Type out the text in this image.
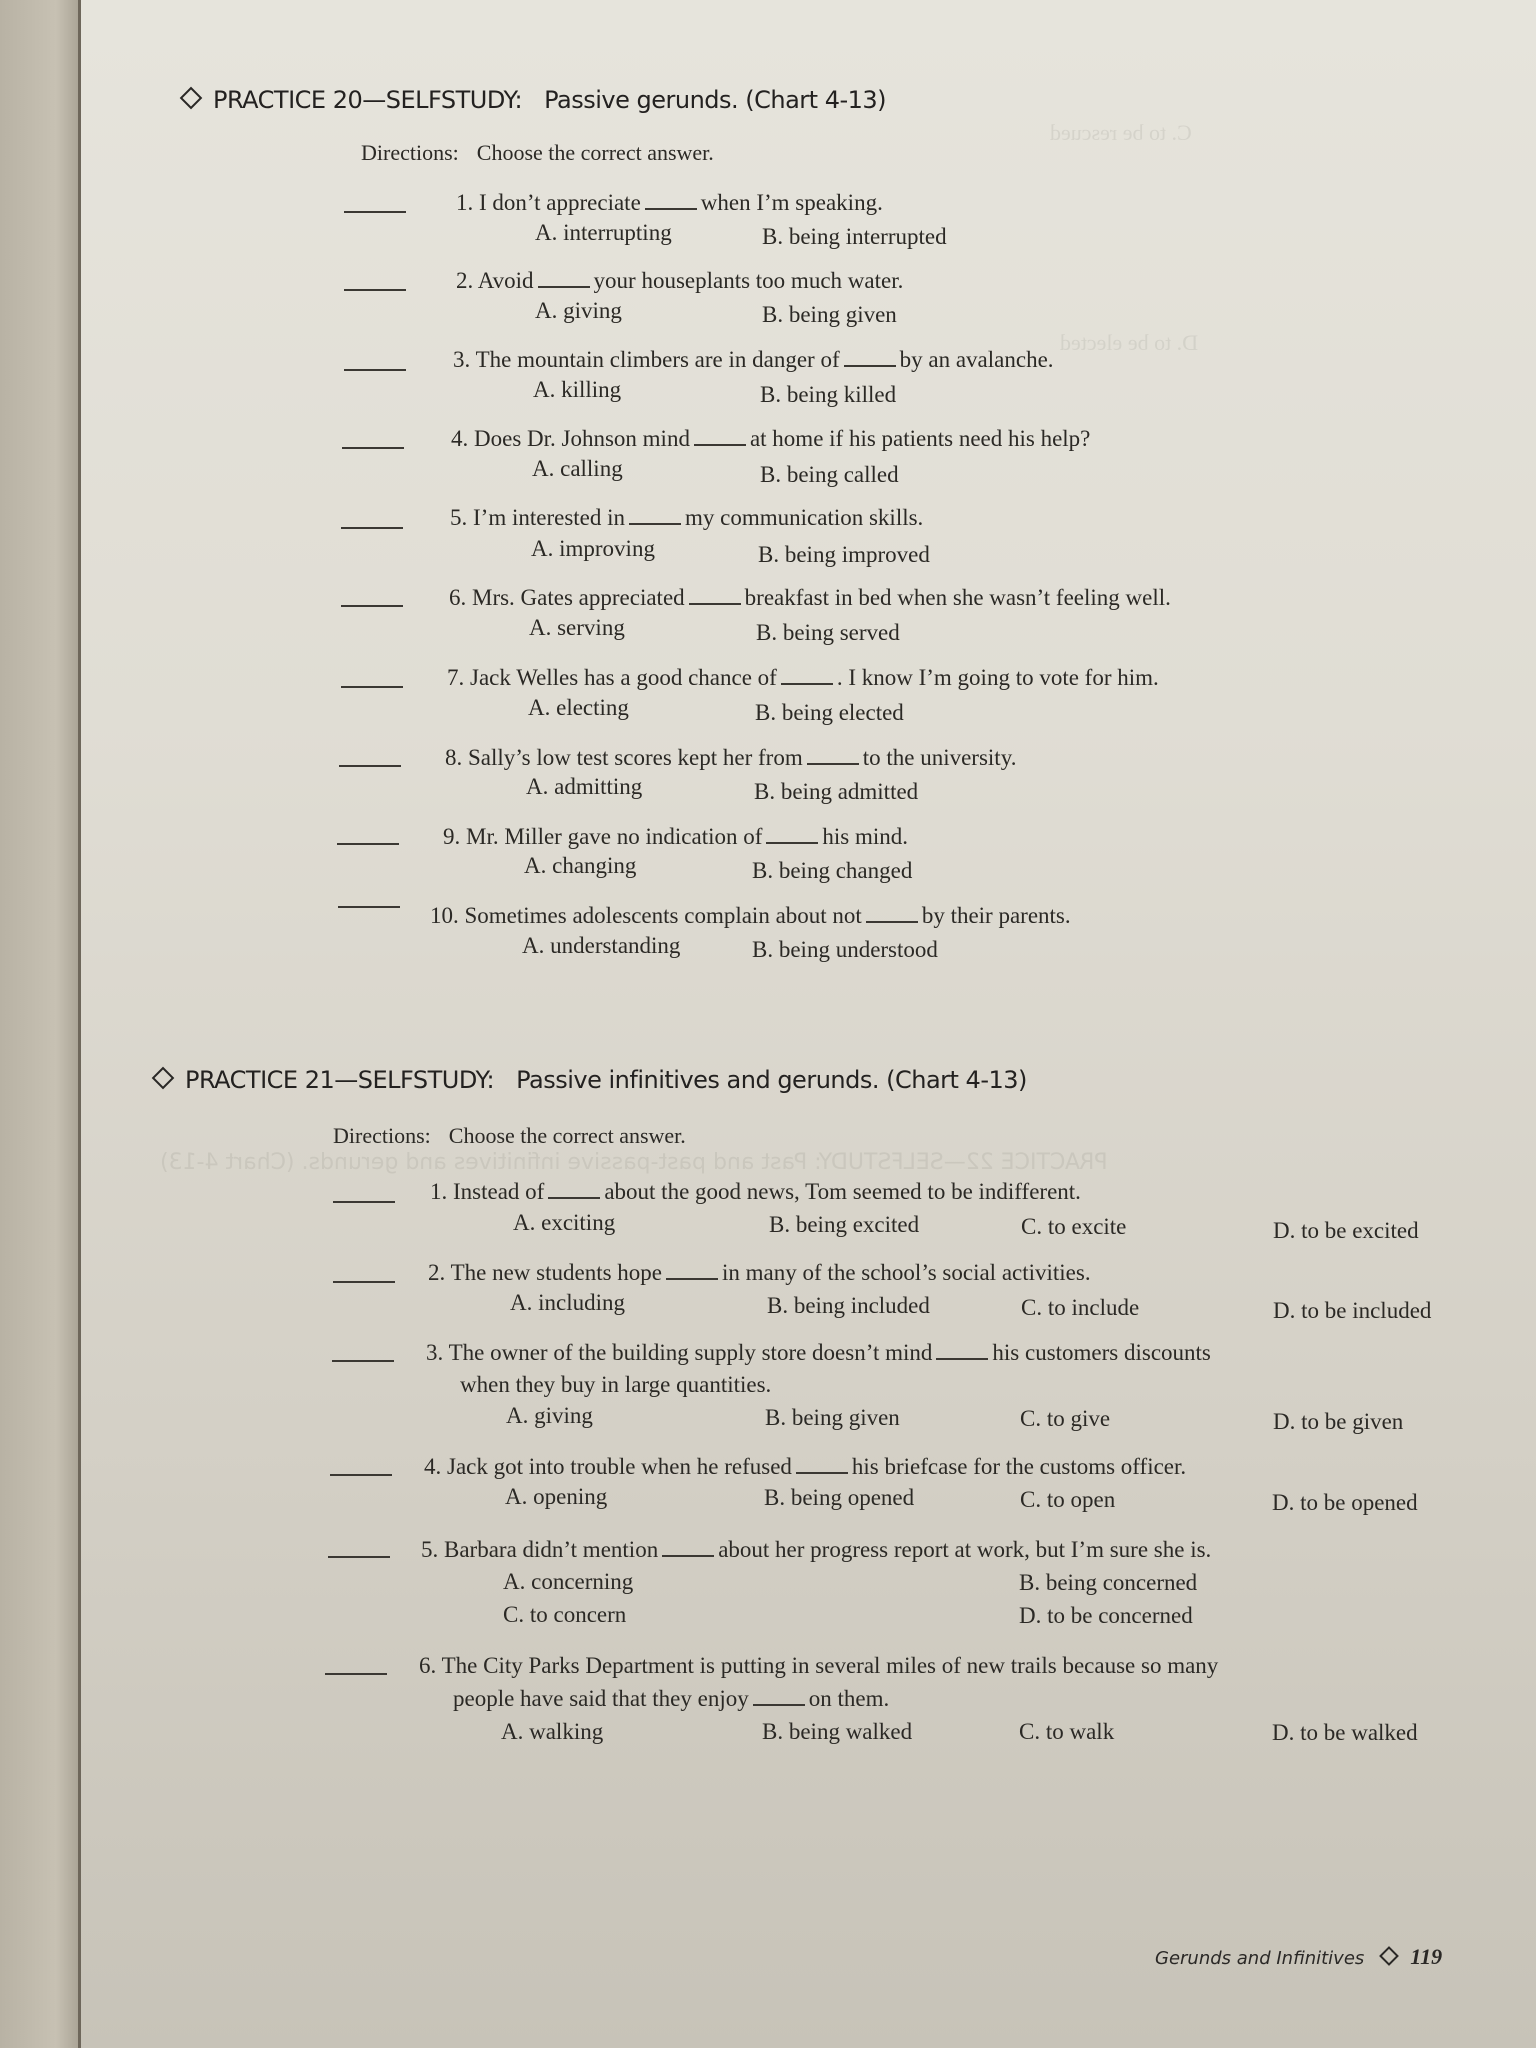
C. to be rescued
D. to be elected
PRACTICE 22—SELFSTUDY: Past and past-passive infinitives and gerunds. (Chart 4-13)
PRACTICE 20—SELFSTUDY: Passive gerunds. (Chart 4-13)
Directions: Choose the correct answer.
1. I don’t appreciate	when I’m speaking.
A. interrupting	B. being interrupted
2. Avoid	your houseplants too much water.
A. giving	B. being given
3. The mountain climbers are in danger of	by an avalanche.
A. killing	B. being killed
4. Does Dr. Johnson mind	at home if his patients need his help?
A. calling	B. being called
5. I’m interested in	my communication skills.
A. improving	B. being improved
6. Mrs. Gates appreciated	breakfast in bed when she wasn’t feeling well.
A. serving	B. being served
7. Jack Welles has a good chance of	. I know I’m going to vote for him.
A. electing	B. being elected
8. Sally’s low test scores kept her from	to the university.
A. admitting	B. being admitted
9. Mr. Miller gave no indication of	his mind.
A. changing	B. being changed
10. Sometimes adolescents complain about not	by their parents.
A. understanding	B. being understood
PRACTICE 21—SELFSTUDY: Passive infinitives and gerunds. (Chart 4-13)
Directions: Choose the correct answer.
1. Instead of	about the good news, Tom seemed to be indifferent.
A. exciting	B. being excited	C. to excite	D. to be excited
2. The new students hope	in many of the school’s social activities.
A. including	B. being included	C. to include	D. to be included
3. The owner of the building supply store doesn’t mind	his customers discounts
when they buy in large quantities.
A. giving	B. being given	C. to give	D. to be given
4. Jack got into trouble when he refused	his briefcase for the customs officer.
A. opening	B. being opened	C. to open	D. to be opened
5. Barbara didn’t mention	about her progress report at work, but I’m sure she is.
A. concerning	B. being concerned
C. to concern	D. to be concerned
6. The City Parks Department is putting in several miles of new trails because so many
people have said that they enjoy	on them.
A. walking	B. being walked	C. to walk	D. to be walked
Gerunds and Infinitives 119
